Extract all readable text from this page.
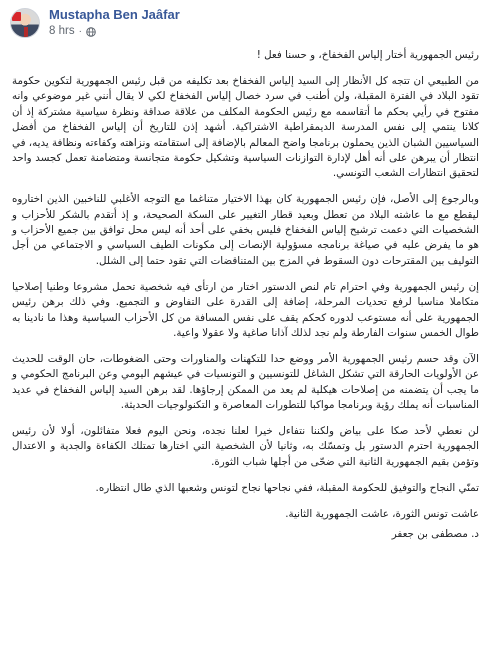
Mustapha Ben Jaâfar
8 hrs ·

رئيس الجمهورية أختار إلياس الفخفاخ، و حسنا فعل !

من الطبيعي ان تتجه كل الأنظار إلى السيد إلياس الفخفاخ بعد تكليفه من قبل رئيس الجمهورية لتكوين حكومة تقود البلاد في الفترة المقبلة، ولن أطنب في سرد خصال إلياس الفخفاخ لكي لا يقال أنني غير موضوعي وانه مفتوح في رأيي بحكم ما أتقاسمه مع رئيس الحكومة المكلف من علاقة صداقة ونظرة سياسية مشتركة إذ أن كلانا ينتمي إلى نفس المدرسة الديمقراطية الاشتراكية. أشهد إذن للتاريخ أن إلياس الفخفاخ من أفضل السياسيين الشبان الذين يحملون برنامجا واضح المعالم بالإضافة إلى استقامته ونزاهته وكفاءته ونظافة يديه، في انتظار أن يبرهن على أنه أهل لإدارة التوازنات السياسية وتشكيل حكومة متجانسة ومتضامنة تعمل كجسد واحد لتحقيق انتظارات الشعب التونسي.

وبالرجوع إلى الأصل، فإن رئيس الجمهورية كان بهذا الاختيار متناغما مع التوجه الأغلبي للناخبين الذين اختاروه ليقطع مع ما عاشته البلاد من تعطل وبعيد قطار التغيير على السكة الصحيحة، و إذ أتقدم بالشكر للأحزاب و الشخصيات التي دعمت ترشيح إلياس الفخفاخ فليس بخفي على أحد أنه ليس محل توافق بين جميع الأحزاب و هو ما يفرض عليه في صياغة برنامجه مسؤولية الإنصات إلى مكونات الطيف السياسي و الاجتماعي من أجل التوليف بين المقترحات دون السقوط في المزج بين المتناقضات التي تقود حتما إلى الشلل.

إن رئيس الجمهورية وفي احترام تام لنص الدستور اختار من ارتأى فيه شخصية تحمل مشروعا وطنيا إصلاحيا متكاملا مناسبا لرفع تحديات المرحلة، إضافة إلى القدرة على التفاوض و التجميع. وفي ذلك برهن رئيس الجمهورية على أنه مستوعب لدوره كحكم يقف على نفس المسافة من كل الأحزاب السياسية وهذا ما نادينا به طوال الخمس سنوات الفارطة ولم نجد لذلك آذانا صاغية ولا عقولا واعية.

الآن وقد حسم رئيس الجمهورية الأمر ووضع حدا للتكهنات والمناورات وحتى الضغوطات، حان الوقت للحديث عن الأولويات الحارقة التي تشكل الشاغل للتونسيين و التونسيات في عيشهم اليومي وعن البرنامج الحكومي و ما يجب أن يتضمنه من إصلاحات هيكلية لم يعد من الممكن إرجاؤها. لقد برهن السيد إلياس الفخفاخ في عديد المناسبات أنه يملك رؤية وبرنامجا مواكبا للتطورات المعاصرة و التكنولوجيات الحديثة.

لن نعطي لأحد صكا على بياض ولكننا نتفاءل خيرا لعلنا نجده، ونحن اليوم فعلا متفائلون، أولا لأن رئيس الجمهورية احترم الدستور بل وتمسّك به، وثانيا لأن الشخصية التي اختارها تمتلك الكفاءة والجدية و الاعتدال وتؤمن بقيم الجمهورية الثانية التي ضحّى من أجلها شباب الثورة.

تمنّي النجاح والتوفيق للحكومة المقبلة، ففي نجاحها نجاح لتونس وشعبها الذي طال انتظاره.

عاشت تونس الثورة، عاشت الجمهورية الثانية.

د. مصطفى بن جعفر
